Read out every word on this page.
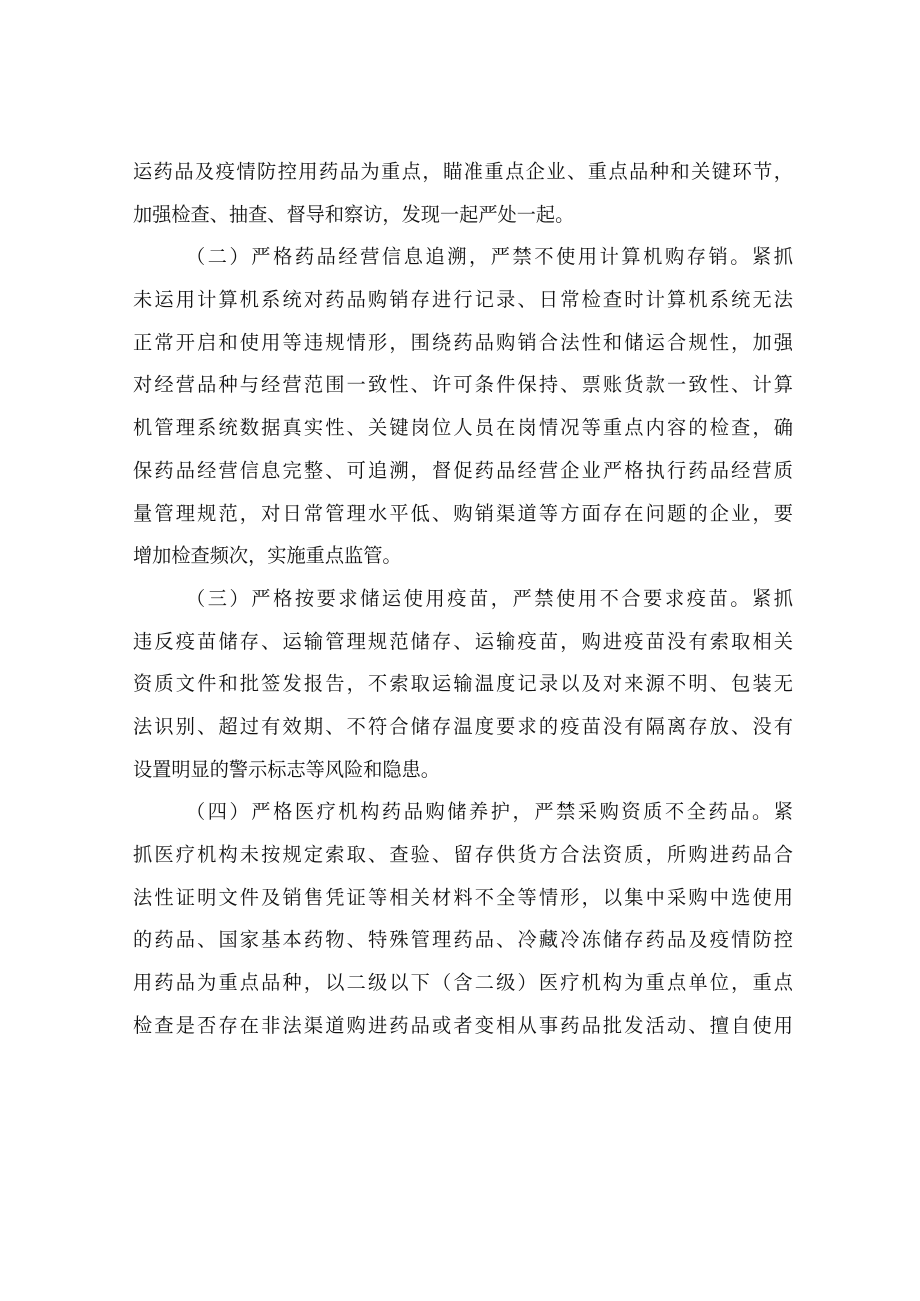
运药品及疫情防控用药品为重点，瞄准重点企业、重点品种和关键环节，
加强检查、抽查、督导和察访，发现一起严处一起。
（二）严格药品经营信息追溯，严禁不使用计算机购存销。紧抓
未运用计算机系统对药品购销存进行记录、日常检查时计算机系统无法
正常开启和使用等违规情形，围绕药品购销合法性和储运合规性，加强
对经营品种与经营范围一致性、许可条件保持、票账货款一致性、计算
机管理系统数据真实性、关键岗位人员在岗情况等重点内容的检查，确
保药品经营信息完整、可追溯，督促药品经营企业严格执行药品经营质
量管理规范，对日常管理水平低、购销渠道等方面存在问题的企业，要
增加检查频次，实施重点监管。
（三）严格按要求储运使用疫苗，严禁使用不合要求疫苗。紧抓
违反疫苗储存、运输管理规范储存、运输疫苗，购进疫苗没有索取相关
资质文件和批签发报告，不索取运输温度记录以及对来源不明、包装无
法识别、超过有效期、不符合储存温度要求的疫苗没有隔离存放、没有
设置明显的警示标志等风险和隐患。
（四）严格医疗机构药品购储养护，严禁采购资质不全药品。紧
抓医疗机构未按规定索取、查验、留存供货方合法资质，所购进药品合
法性证明文件及销售凭证等相关材料不全等情形，以集中采购中选使用
的药品、国家基本药物、特殊管理药品、冷藏冷冻储存药品及疫情防控
用药品为重点品种，以二级以下（含二级）医疗机构为重点单位，重点
检查是否存在非法渠道购进药品或者变相从事药品批发活动、擅自使用
